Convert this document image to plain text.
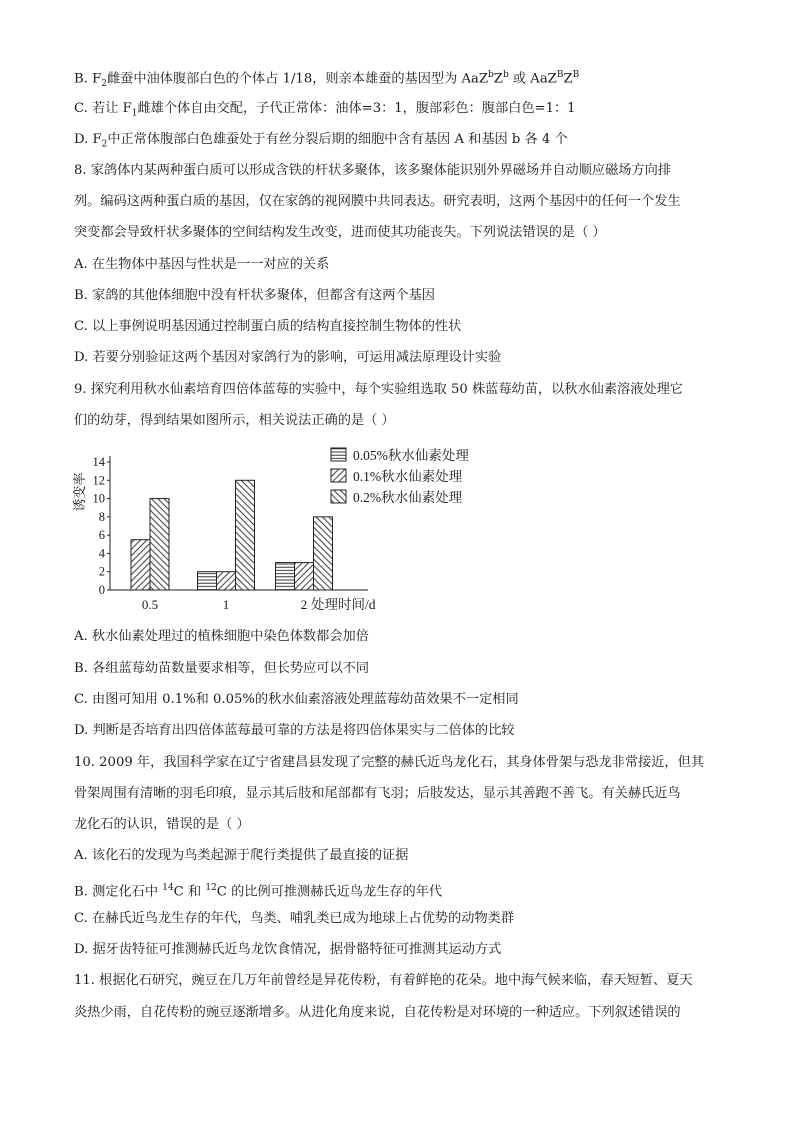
B. $F_2$雌蚕中油体腹部白色的个体占 1/18，则亲本雄蚕的基因型为 $AaZ^bZ^b$ 或 $AaZ^BZ^B$
C. 若让 $F_1$雌雄个体自由交配，子代正常体：油体=3：1，腹部彩色：腹部白色=1：1
D. $F_2$中正常体腹部白色雄蚕处于有丝分裂后期的细胞中含有基因 A 和基因 b 各 4 个
8. 家鸽体内某两种蛋白质可以形成含铁的杆状多聚体，该多聚体能识别外界磁场并自动顺应磁场方向排
列。编码这两种蛋白质的基因，仅在家鸽的视网膜中共同表达。研究表明，这两个基因中的任何一个发生
突变都会导致杆状多聚体的空间结构发生改变，进而使其功能丧失。下列说法错误的是（ ）
A. 在生物体中基因与性状是一一对应的关系
B. 家鸽的其他体细胞中没有杆状多聚体，但都含有这两个基因
C. 以上事例说明基因通过控制蛋白质的结构直接控制生物体的性状
D. 若要分别验证这两个基因对家鸽行为的影响，可运用减法原理设计实验
9. 探究利用秋水仙素培育四倍体蓝莓的实验中，每个实验组选取 50 株蓝莓幼苗，以秋水仙素溶液处理它
们的幼芽，得到结果如图所示，相关说法正确的是（ ）
0
2
4
6
8
10
12
14
诱变率
0.5	1	2 处理时间/d
0.05%秋水仙素处理
0.1%秋水仙素处理
0.2%秋水仙素处理
A. 秋水仙素处理过的植株细胞中染色体数都会加倍
B. 各组蓝莓幼苗数量要求相等，但长势应可以不同
C. 由图可知用 0.1%和 0.05%的秋水仙素溶液处理蓝莓幼苗效果不一定相同
D. 判断是否培育出四倍体蓝莓最可靠的方法是将四倍体果实与二倍体的比较
10. 2009 年，我国科学家在辽宁省建昌县发现了完整的赫氏近鸟龙化石，其身体骨架与恐龙非常接近，但其
骨架周围有清晰的羽毛印痕，显示其后肢和尾部都有飞羽；后肢发达，显示其善跑不善飞。有关赫氏近鸟
龙化石的认识，错误的是（ ）
A. 该化石的发现为鸟类起源于爬行类提供了最直接的证据
B. 测定化石中 $^{14}$C 和 $^{12}$C 的比例可推测赫氏近鸟龙生存的年代
C. 在赫氏近鸟龙生存的年代，鸟类、哺乳类已成为地球上占优势的动物类群
D. 据牙齿特征可推测赫氏近鸟龙饮食情况，据骨骼特征可推测其运动方式
11. 根据化石研究，豌豆在几万年前曾经是异花传粉，有着鲜艳的花朵。地中海气候来临，春天短暂、夏天
炎热少雨，自花传粉的豌豆逐渐增多。从进化角度来说，自花传粉是对环境的一种适应。下列叙述错误的
